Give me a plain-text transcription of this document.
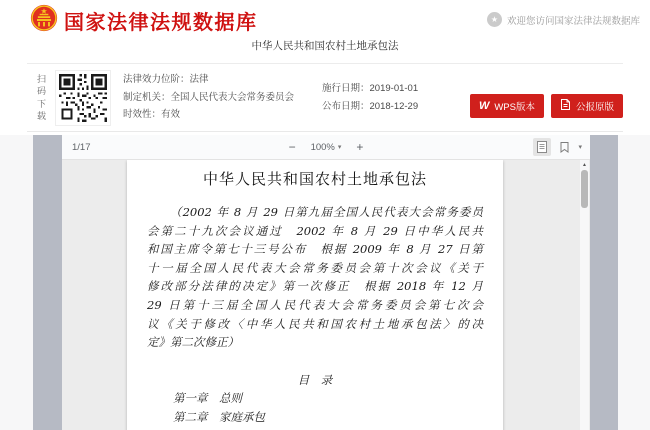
国家法律法规数据库	★ 欢迎您访问国家法律法规数据库
中华人民共和国农村土地承包法
扫码下载
法律效力位阶：法律
制定机关：全国人民代表大会常务委员会
时效性：有效
施行日期：2019-01-01
公布日期：2018-12-29	W WPS版本	公报原版
1/17	− 100% ▾ +	▾
中华人民共和国农村土地承包法
（2002 年 8 月 29 日第九届全国人民代表大会常务委员
会第二十九次会议通过　2002 年 8 月 29 日中华人民共
和国主席令第七十三号公布　根据 2009 年 8 月 27 日第
十一届全国人民代表大会常务委员会第十次会议《关于
修改部分法律的决定》第一次修正　根据 2018 年 12 月
29 日第十三届全国人民代表大会常务委员会第七次会
议《关于修改〈中华人民共和国农村土地承包法〉的决
定》第二次修正）
目　录
第一章　总则
第二章　家庭承包
▲
